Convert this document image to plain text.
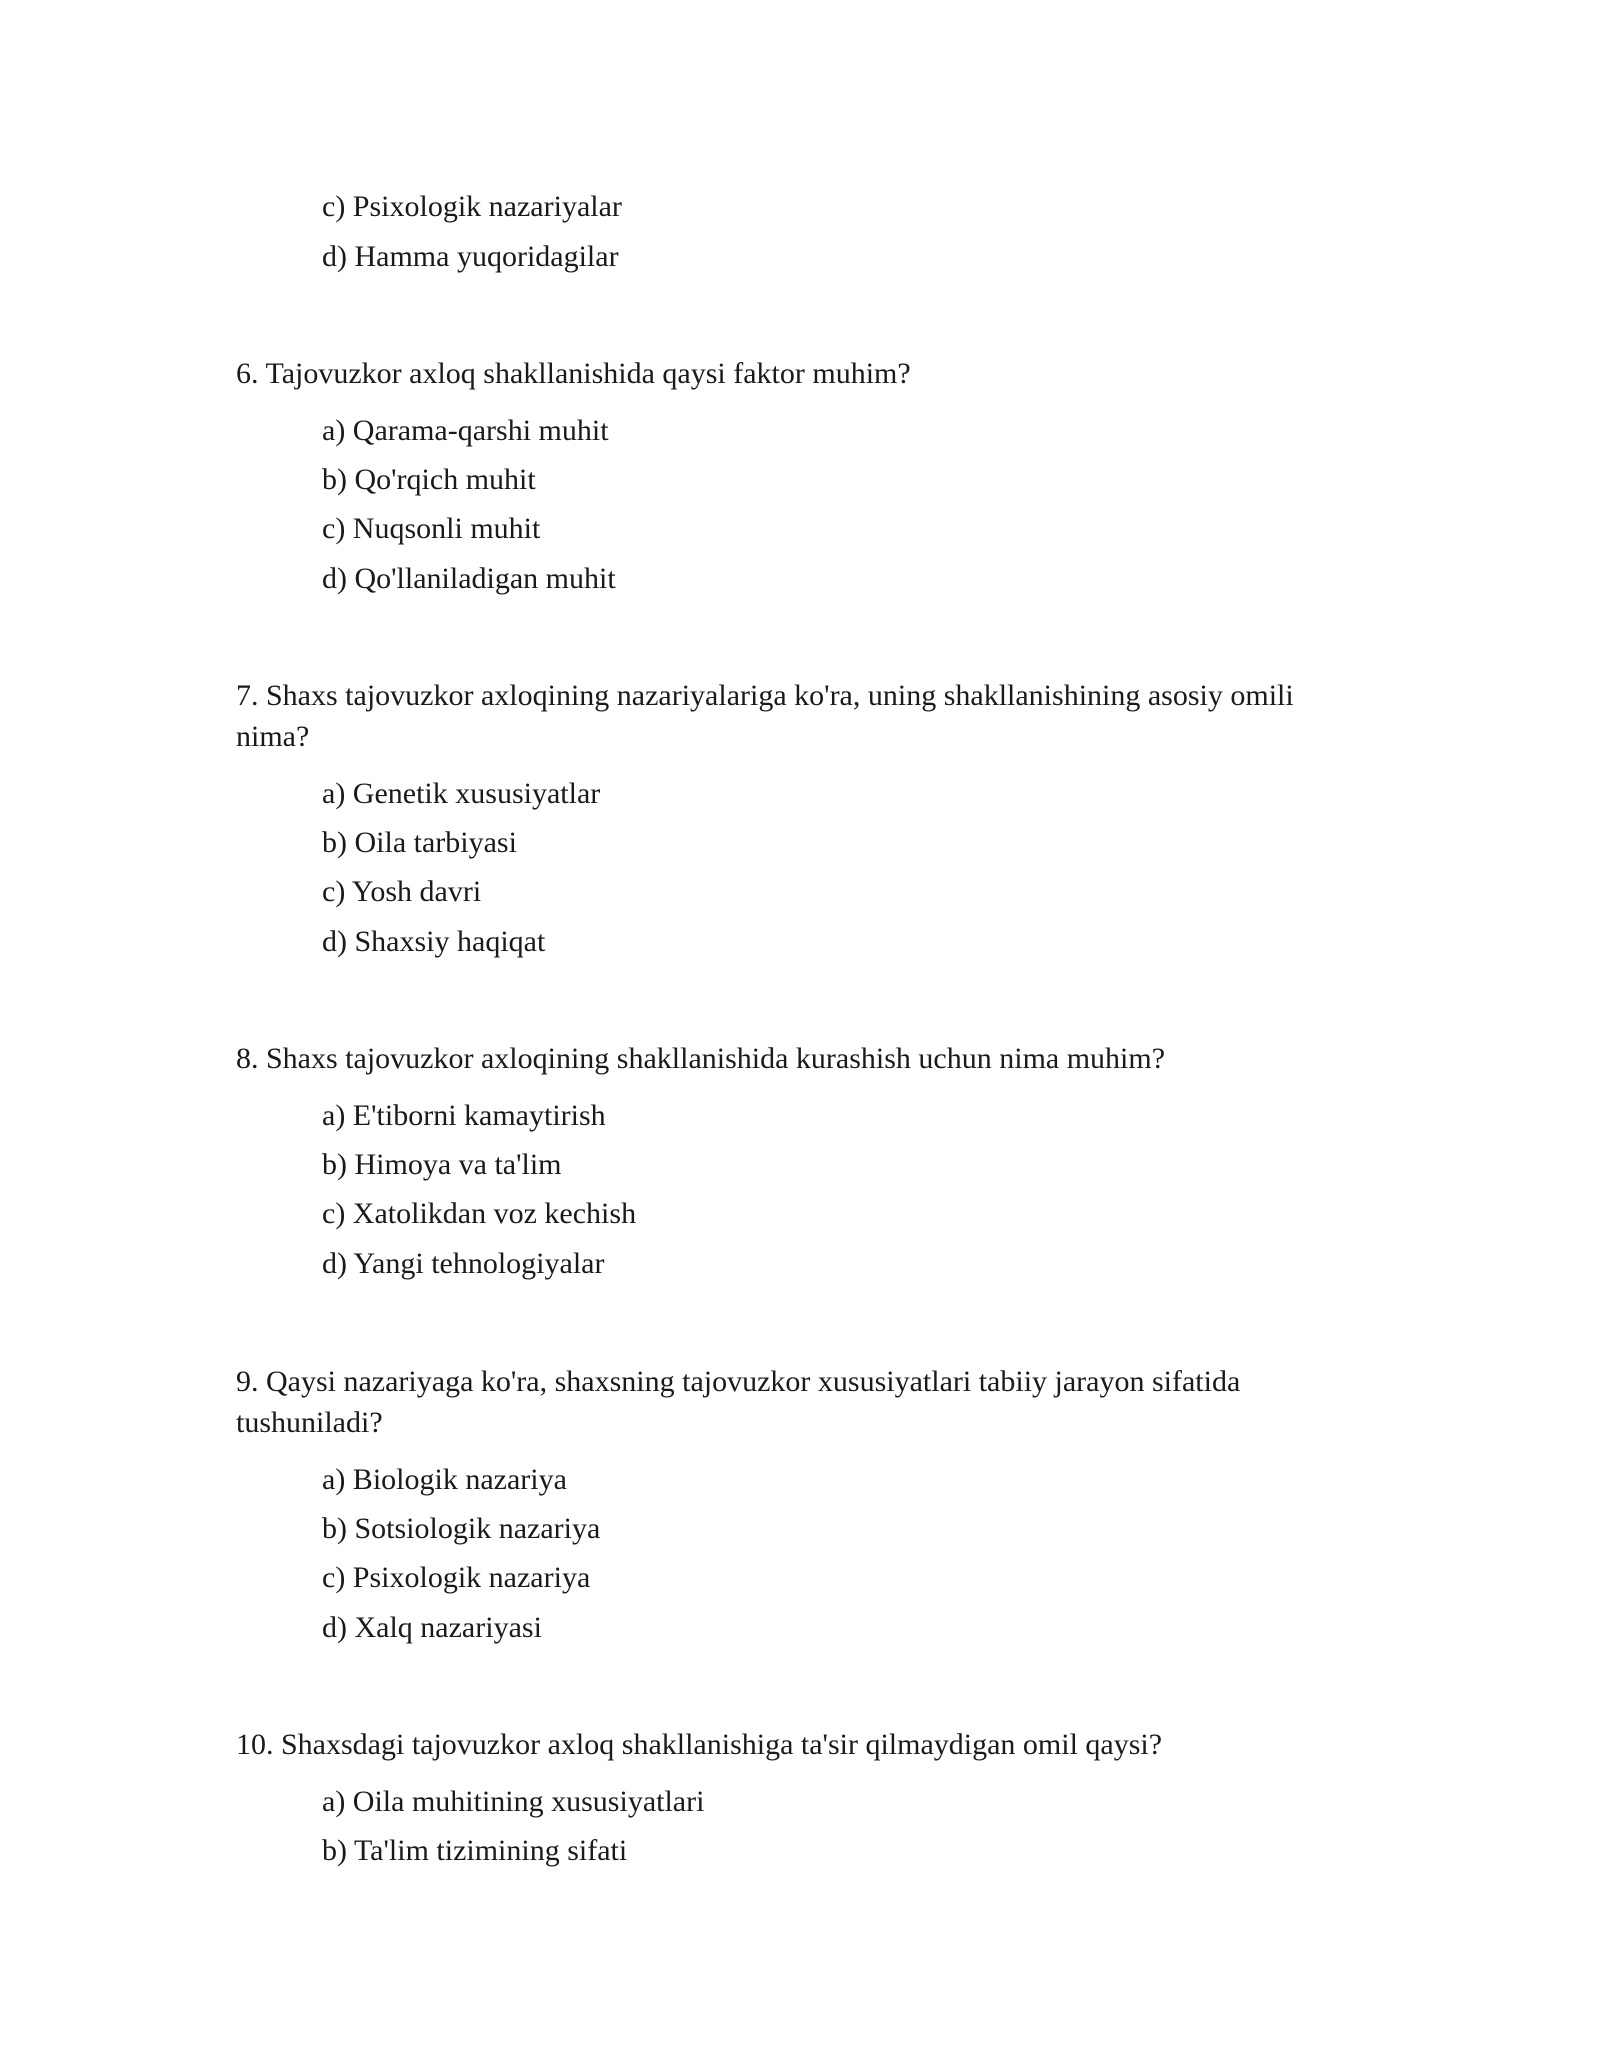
c) Psixologik nazariyalar
d) Hamma yuqoridagilar
6. Tajovuzkor axloq shakllanishida qaysi faktor muhim?
a) Qarama-qarshi muhit
b) Qo'rqich muhit
c) Nuqsonli muhit
d) Qo'llaniladigan muhit
7. Shaxs tajovuzkor axloqining nazariyalariga ko'ra, uning shakllanishining asosiy omili
nima?
a) Genetik xususiyatlar
b) Oila tarbiyasi
c) Yosh davri
d) Shaxsiy haqiqat
8. Shaxs tajovuzkor axloqining shakllanishida kurashish uchun nima muhim?
a) E'tiborni kamaytirish
b) Himoya va ta'lim
c) Xatolikdan voz kechish
d) Yangi tehnologiyalar
9. Qaysi nazariyaga ko'ra, shaxsning tajovuzkor xususiyatlari tabiiy jarayon sifatida
tushuniladi?
a) Biologik nazariya
b) Sotsiologik nazariya
c) Psixologik nazariya
d) Xalq nazariyasi
10. Shaxsdagi tajovuzkor axloq shakllanishiga ta'sir qilmaydigan omil qaysi?
a) Oila muhitining xususiyatlari
b) Ta'lim tizimining sifati
